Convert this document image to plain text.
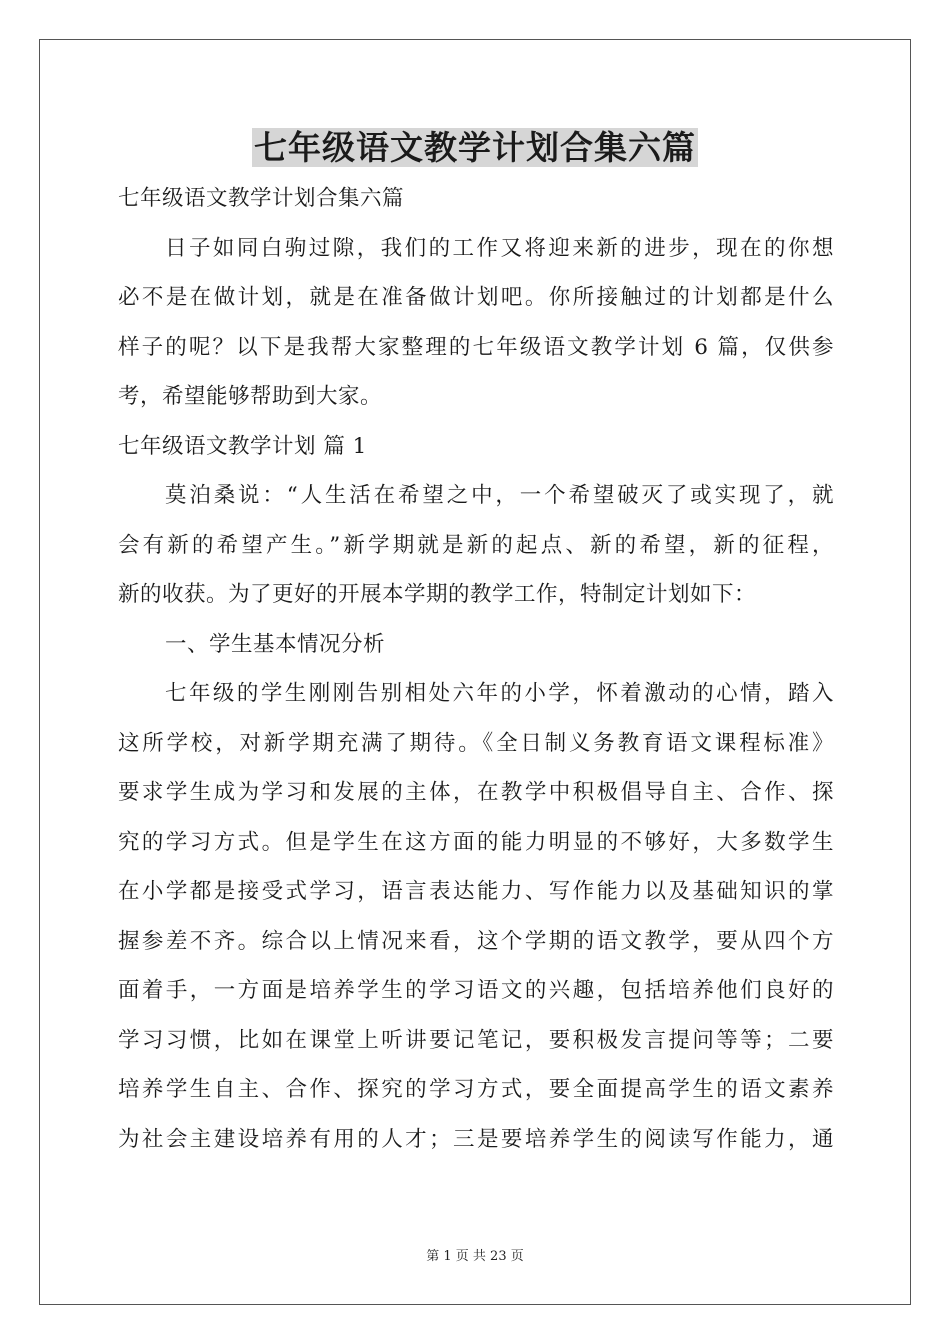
七年级语文教学计划合集六篇
七年级语文教学计划合集六篇
日子如同白驹过隙，我们的工作又将迎来新的进步，现在的你想
必不是在做计划，就是在准备做计划吧。你所接触过的计划都是什么
样子的呢？以下是我帮大家整理的七年级语文教学计划 6 篇，仅供参
考，希望能够帮助到大家。
七年级语文教学计划 篇 1
莫泊桑说：“人生活在希望之中，一个希望破灭了或实现了，就
会有新的希望产生。”新学期就是新的起点、新的希望，新的征程，
新的收获。为了更好的开展本学期的教学工作，特制定计划如下：
一、学生基本情况分析
七年级的学生刚刚告别相处六年的小学，怀着激动的心情，踏入
这所学校，对新学期充满了期待。《全日制义务教育语文课程标准》
要求学生成为学习和发展的主体，在教学中积极倡导自主、合作、探
究的学习方式。但是学生在这方面的能力明显的不够好，大多数学生
在小学都是接受式学习，语言表达能力、写作能力以及基础知识的掌
握参差不齐。综合以上情况来看，这个学期的语文教学，要从四个方
面着手，一方面是培养学生的学习语文的兴趣，包括培养他们良好的
学习习惯，比如在课堂上听讲要记笔记，要积极发言提问等等；二要
培养学生自主、合作、探究的学习方式，要全面提高学生的语文素养
为社会主建设培养有用的人才；三是要培养学生的阅读写作能力，通
第 1 页 共 23 页
